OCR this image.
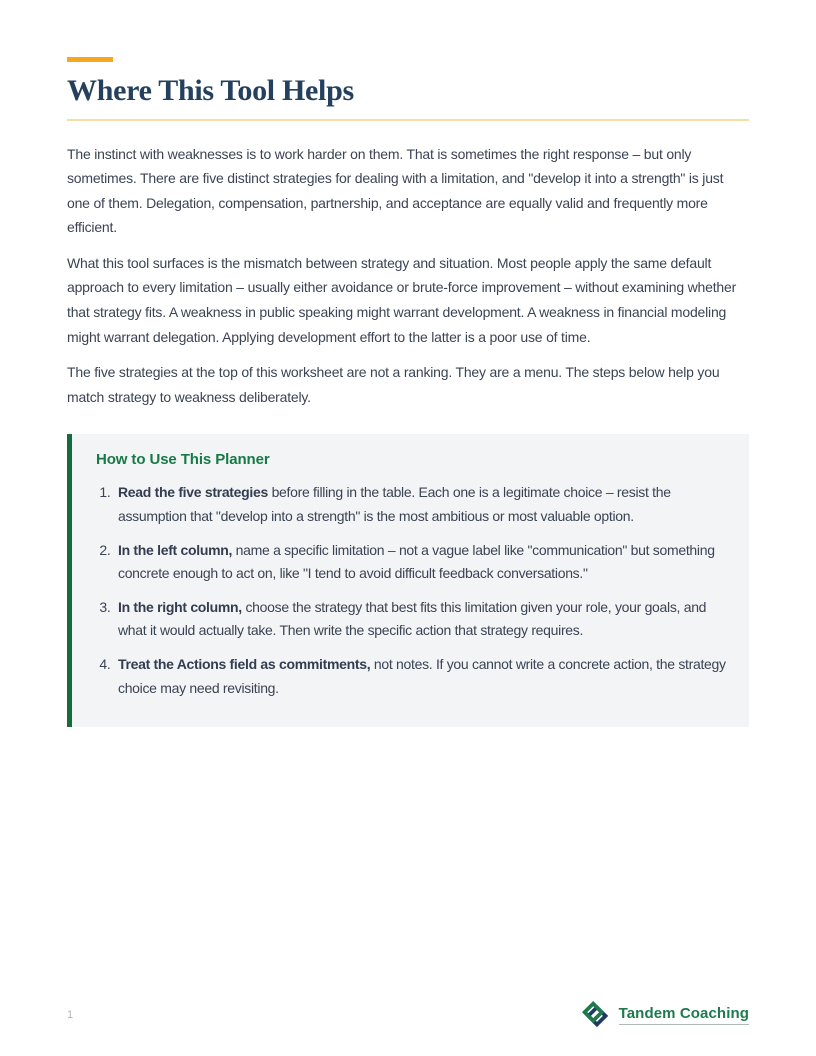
Where This Tool Helps

The instinct with weaknesses is to work harder on them. That is sometimes the right response – but only sometimes. There are five distinct strategies for dealing with a limitation, and "develop it into a strength" is just one of them. Delegation, compensation, partnership, and acceptance are equally valid and frequently more efficient.

What this tool surfaces is the mismatch between strategy and situation. Most people apply the same default approach to every limitation – usually either avoidance or brute-force improvement – without examining whether that strategy fits. A weakness in public speaking might warrant development. A weakness in financial modeling might warrant delegation. Applying development effort to the latter is a poor use of time.

The five strategies at the top of this worksheet are not a ranking. They are a menu. The steps below help you match strategy to weakness deliberately.

How to Use This Planner

1. Read the five strategies before filling in the table. Each one is a legitimate choice – resist the assumption that "develop into a strength" is the most ambitious or most valuable option.
2. In the left column, name a specific limitation – not a vague label like "communication" but something concrete enough to act on, like "I tend to avoid difficult feedback conversations."
3. In the right column, choose the strategy that best fits this limitation given your role, your goals, and what it would actually take. Then write the specific action that strategy requires.
4. Treat the Actions field as commitments, not notes. If you cannot write a concrete action, the strategy choice may need revisiting.
1	Tandem Coaching
